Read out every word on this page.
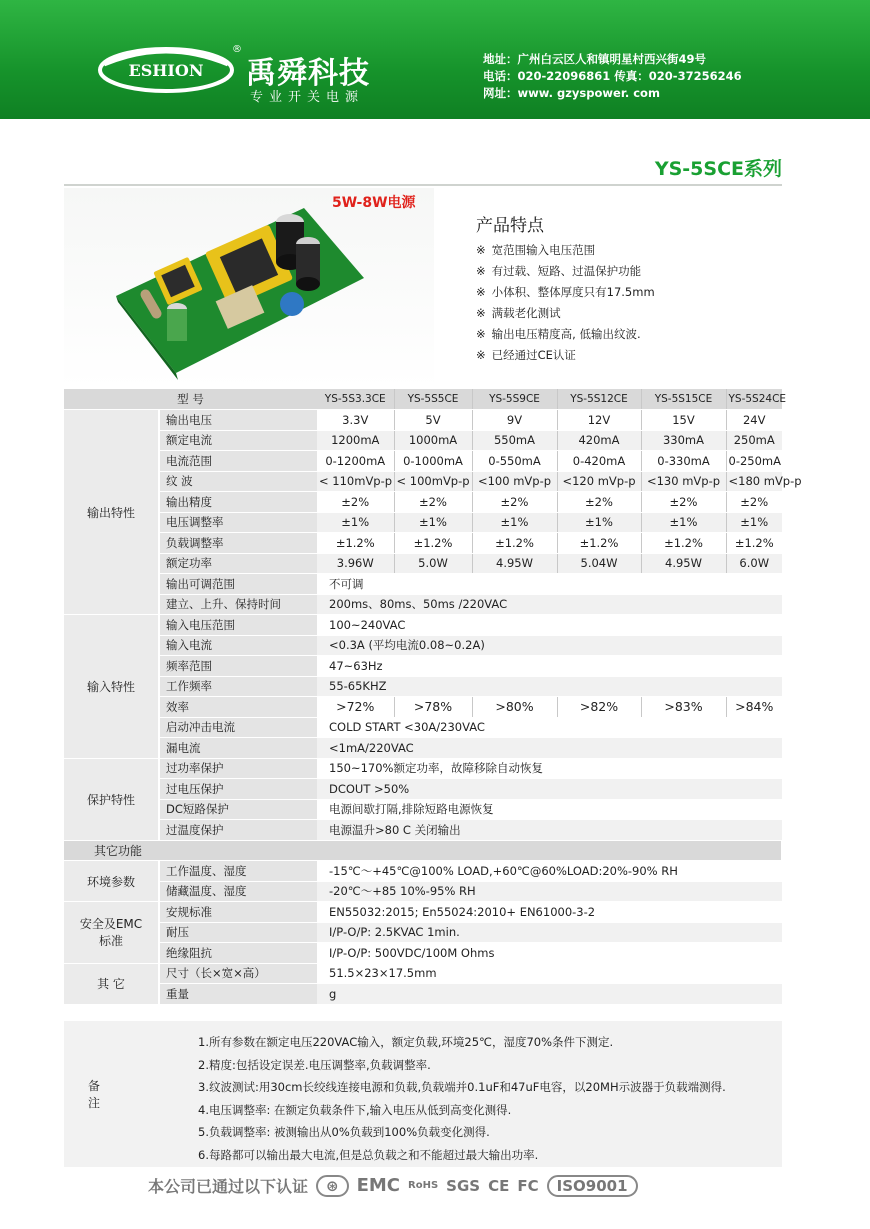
ESHION
®
禹舜科技
专业开关电源
地址：广州白云区人和镇明星村西兴街49号
电话：020-22096861 传真：020-37256246
网址：www. gzyspower. com
YS-5SCE系列
5W-8W电源
产品特点
※ 宽范围输入电压范围
※ 有过载、短路、过温保护功能
※ 小体积、整体厚度只有17.5mm
※ 满载老化测试
※ 输出电压精度高, 低输出纹波.
※ 已经通过CE认证
型 号		YS-5S3.3CE	YS-5S5CE	YS-5S9CE	YS-5S12CE	YS-5S15CE	YS-5S24CE
输出特性	输出电压	3.3V	5V	9V	12V	15V	24V
	额定电流	1200mA	1000mA	550mA	420mA	330mA	250mA
	电流范围	0-1200mA	0-1000mA	0-550mA	0-420mA	0-330mA	0-250mA
	纹 波	< 110mVp-p	< 100mVp-p	<100 mVp-p	<120 mVp-p	<130 mVp-p	<180 mVp-p
	输出精度	±2%	±2%	±2%	±2%	±2%	±2%
	电压调整率	±1%	±1%	±1%	±1%	±1%	±1%
	负载调整率	±1.2%	±1.2%	±1.2%	±1.2%	±1.2%	±1.2%
	额定功率	3.96W	5.0W	4.95W	5.04W	4.95W	6.0W
	输出可调范围	不可调					
	建立、上升、保持时间	200ms、80ms、50ms /220VAC					
输入特性	输入电压范围	100~240VAC					
	输入电流	<0.3A (平均电流0.08~0.2A)					
	频率范围	47~63Hz					
	工作频率	55-65KHZ					
	效率	>72%	>78%	>80%	>82%	>83%	>84%
	启动冲击电流	COLD START <30A/230VAC					
	漏电流	<1mA/220VAC					
保护特性	过功率保护	150~170%额定功率，故障移除自动恢复					
	过电压保护	DCOUT >50%					
	DC短路保护	电源间歇打隔,排除短路电源恢复					
	过温度保护	电源温升>80 C 关闭输出					
其它功能							
环境参数	工作温度、湿度	-15℃～+45℃@100% LOAD,+60℃@60%LOAD:20%-90% RH					
	储藏温度、湿度	-20℃～+85 10%-95% RH					
安全及EMC
标准	安规标准	EN55032:2015; En55024:2010+ EN61000-3-2					
	耐压	I/P-O/P: 2.5KVAC 1min.					
	绝缘阻抗	I/P-O/P: 500VDC/100M Ohms					
其 它	尺寸（长×宽×高）	51.5×23×17.5mm					
	重量	g					
备注
1.所有参数在额定电压220VAC输入，额定负载,环境25℃，湿度70%条件下测定.
2.精度:包括设定误差.电压调整率,负载调整率.
3.纹波测试:用30cm长绞线连接电源和负载,负载端并0.1uF和47uF电容，以20MH示波器于负载端测得.
4.电压调整率: 在额定负载条件下,输入电压从低到高变化测得.
5.负载调整率: 被测输出从0%负载到100%负载变化测得.
6.每路都可以输出最大电流,但是总负载之和不能超过最大输出功率.
本公司已通过以下认证	⊛	EMC RoHS SGS CE FC	ISO9001
